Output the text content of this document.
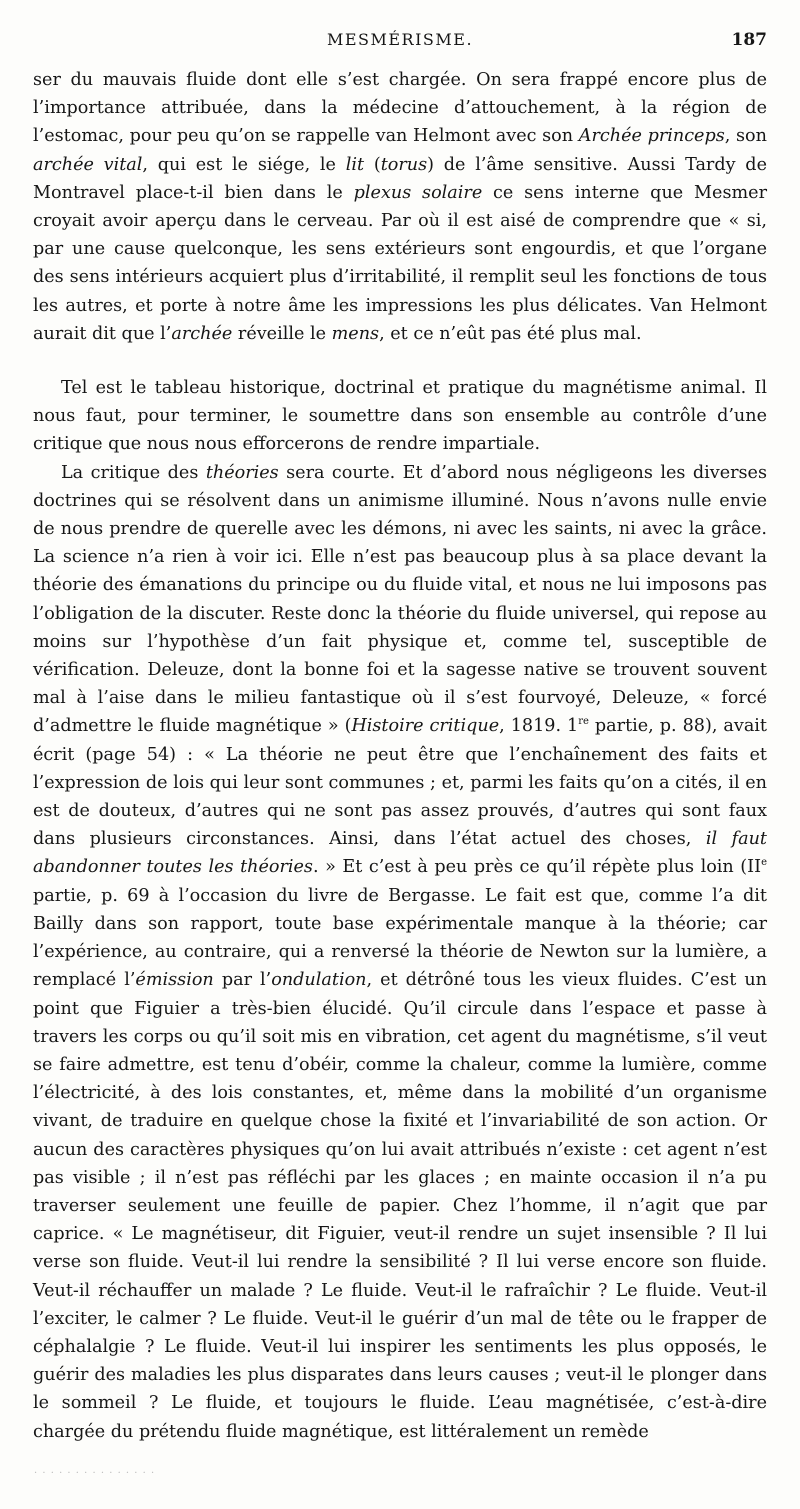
MESMÉRISME.	187

ser du mauvais fluide dont elle s’est chargée. On sera frappé encore plus de l’importance attribuée, dans la médecine d’attouchement, à la région de l’estomac, pour peu qu’on se rappelle van Helmont avec son Archée princeps, son archée vital, qui est le siége, le lit (torus) de l’âme sensitive. Aussi Tardy de Montravel place-t-il bien dans le plexus solaire ce sens interne que Mesmer croyait avoir aperçu dans le cerveau. Par où il est aisé de comprendre que « si, par une cause quelconque, les sens extérieurs sont engourdis, et que l’organe des sens intérieurs acquiert plus d’irritabilité, il remplit seul les fonctions de tous les autres, et porte à notre âme les impressions les plus délicates. Van Helmont aurait dit que l’archée réveille le mens, et ce n’eût pas été plus mal.

Tel est le tableau historique, doctrinal et pratique du magnétisme animal. Il nous faut, pour terminer, le soumettre dans son ensemble au contrôle d’une critique que nous nous efforcerons de rendre impartiale.

La critique des théories sera courte. Et d’abord nous négligeons les diverses doctrines qui se résolvent dans un animisme illuminé. Nous n’avons nulle envie de nous prendre de querelle avec les démons, ni avec les saints, ni avec la grâce. La science n’a rien à voir ici. Elle n’est pas beaucoup plus à sa place devant la théorie des émanations du principe ou du fluide vital, et nous ne lui imposons pas l’obligation de la discuter. Reste donc la théorie du fluide universel, qui repose au moins sur l’hypothèse d’un fait physique et, comme tel, susceptible de vérification. Deleuze, dont la bonne foi et la sagesse native se trouvent souvent mal à l’aise dans le milieu fantastique où il s’est fourvoyé, Deleuze, « forcé d’admettre le fluide magnétique » (Histoire critique, 1819. 1re partie, p. 88), avait écrit (page 54) : « La théorie ne peut être que l’enchaînement des faits et l’expression de lois qui leur sont communes ; et, parmi les faits qu’on a cités, il en est de douteux, d’autres qui ne sont pas assez prouvés, d’autres qui sont faux dans plusieurs circonstances. Ainsi, dans l’état actuel des choses, il faut abandonner toutes les théories. » Et c’est à peu près ce qu’il répète plus loin (IIe partie, p. 69 à l’occasion du livre de Bergasse. Le fait est que, comme l’a dit Bailly dans son rapport, toute base expérimentale manque à la théorie; car l’expérience, au contraire, qui a renversé la théorie de Newton sur la lumière, a remplacé l’émission par l’ondulation, et détrôné tous les vieux fluides. C’est un point que Figuier a très-bien élucidé. Qu’il circule dans l’espace et passe à travers les corps ou qu’il soit mis en vibration, cet agent du magnétisme, s’il veut se faire admettre, est tenu d’obéir, comme la chaleur, comme la lumière, comme l’électricité, à des lois constantes, et, même dans la mobilité d’un organisme vivant, de traduire en quelque chose la fixité et l’invariabilité de son action. Or aucun des caractères physiques qu’on lui avait attribués n’existe : cet agent n’est pas visible ; il n’est pas réfléchi par les glaces ; en mainte occasion il n’a pu traverser seulement une feuille de papier. Chez l’homme, il n’agit que par caprice. « Le magnétiseur, dit Figuier, veut-il rendre un sujet insensible ? Il lui verse son fluide. Veut-il lui rendre la sensibilité ? Il lui verse encore son fluide. Veut-il réchauffer un malade ? Le fluide. Veut-il le rafraîchir ? Le fluide. Veut-il l’exciter, le calmer ? Le fluide. Veut-il le guérir d’un mal de tête ou le frapper de céphalalgie ? Le fluide. Veut-il lui inspirer les sentiments les plus opposés, le guérir des maladies les plus disparates dans leurs causes ; veut-il le plonger dans le sommeil ? Le fluide, et toujours le fluide. L’eau magnétisée, c’est-à-dire chargée du prétendu fluide magnétique, est littéralement un remède

· · · · · · · · · · · · · · ·
